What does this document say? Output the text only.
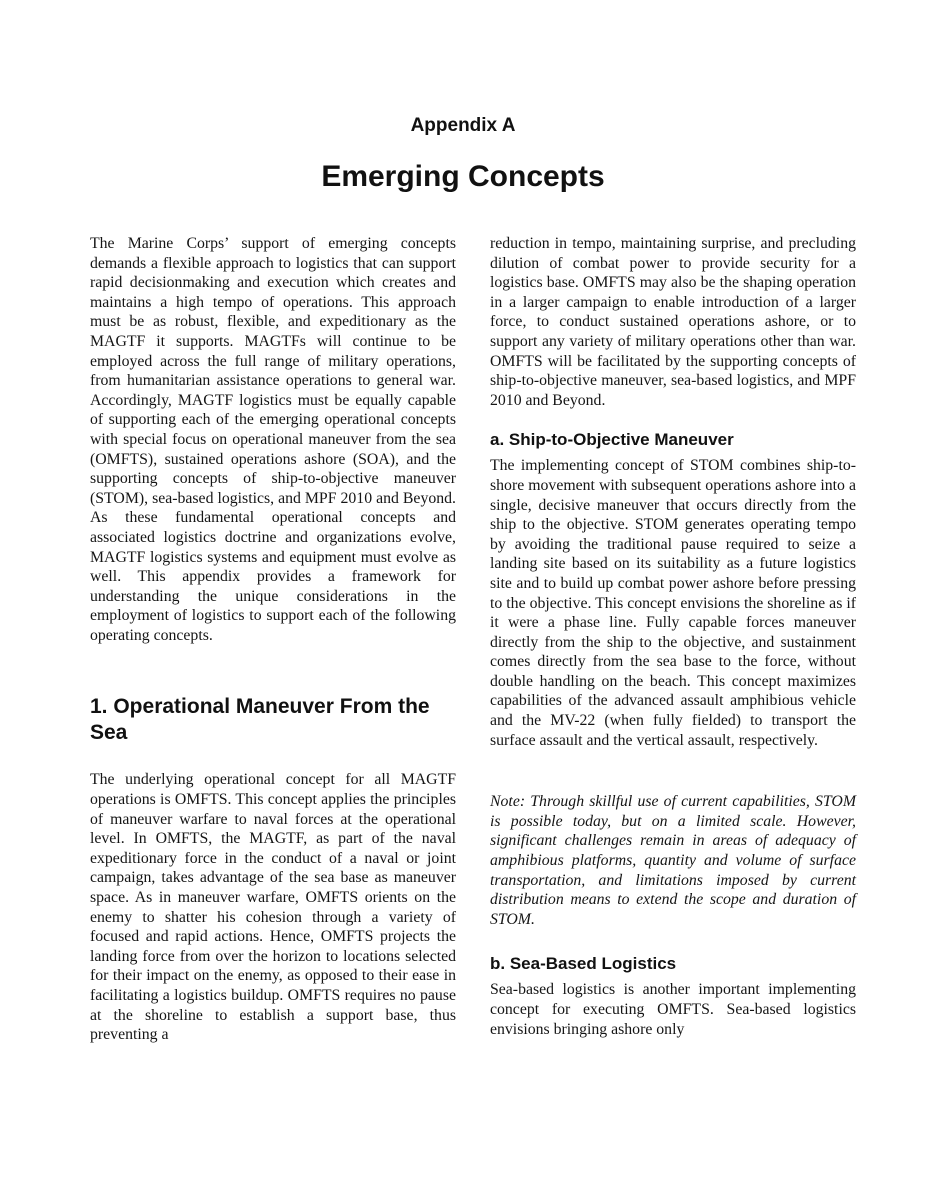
Appendix A
Emerging Concepts

The Marine Corps’ support of emerging concepts demands a flexible approach to logistics that can support rapid decisionmaking and execution which creates and maintains a high tempo of operations. This approach must be as robust, flexible, and expeditionary as the MAGTF it supports. MAGTFs will continue to be employed across the full range of military operations, from humanitarian assistance operations to general war. Accordingly, MAGTF logistics must be equally capable of supporting each of the emerging operational concepts with special focus on operational maneuver from the sea (OMFTS), sustained operations ashore (SOA), and the supporting concepts of ship-to-objective maneuver (STOM), sea-based logistics, and MPF 2010 and Beyond. As these fundamental operational concepts and associated logistics doctrine and organizations evolve, MAGTF logistics systems and equipment must evolve as well. This appendix provides a framework for understanding the unique considerations in the employment of logistics to support each of the following operating concepts.

1. Operational Maneuver From the Sea

The underlying operational concept for all MAGTF operations is OMFTS. This concept applies the principles of maneuver warfare to naval forces at the operational level. In OMFTS, the MAGTF, as part of the naval expeditionary force in the conduct of a naval or joint campaign, takes advantage of the sea base as maneuver space. As in maneuver warfare, OMFTS orients on the enemy to shatter his cohesion through a variety of focused and rapid actions. Hence, OMFTS projects the landing force from over the horizon to locations selected for their impact on the enemy, as opposed to their ease in facilitating a logistics buildup. OMFTS requires no pause at the shoreline to establish a support base, thus preventing a

reduction in tempo, maintaining surprise, and precluding dilution of combat power to provide security for a logistics base. OMFTS may also be the shaping operation in a larger campaign to enable introduction of a larger force, to conduct sustained operations ashore, or to support any variety of military operations other than war. OMFTS will be facilitated by the supporting concepts of ship-to-objective maneuver, sea-based logistics, and MPF 2010 and Beyond.

a. Ship-to-Objective Maneuver

The implementing concept of STOM combines ship-to-shore movement with subsequent operations ashore into a single, decisive maneuver that occurs directly from the ship to the objective. STOM generates operating tempo by avoiding the traditional pause required to seize a landing site based on its suitability as a future logistics site and to build up combat power ashore before pressing to the objective. This concept envisions the shoreline as if it were a phase line. Fully capable forces maneuver directly from the ship to the objective, and sustainment comes directly from the sea base to the force, without double handling on the beach. This concept maximizes capabilities of the advanced assault amphibious vehicle and the MV-22 (when fully fielded) to transport the surface assault and the vertical assault, respectively.

Note: Through skillful use of current capabilities, STOM is possible today, but on a limited scale. However, significant challenges remain in areas of adequacy of amphibious platforms, quantity and volume of surface transportation, and limitations imposed by current distribution means to extend the scope and duration of STOM.

b. Sea-Based Logistics

Sea-based logistics is another important implementing concept for executing OMFTS. Sea-based logistics envisions bringing ashore only
